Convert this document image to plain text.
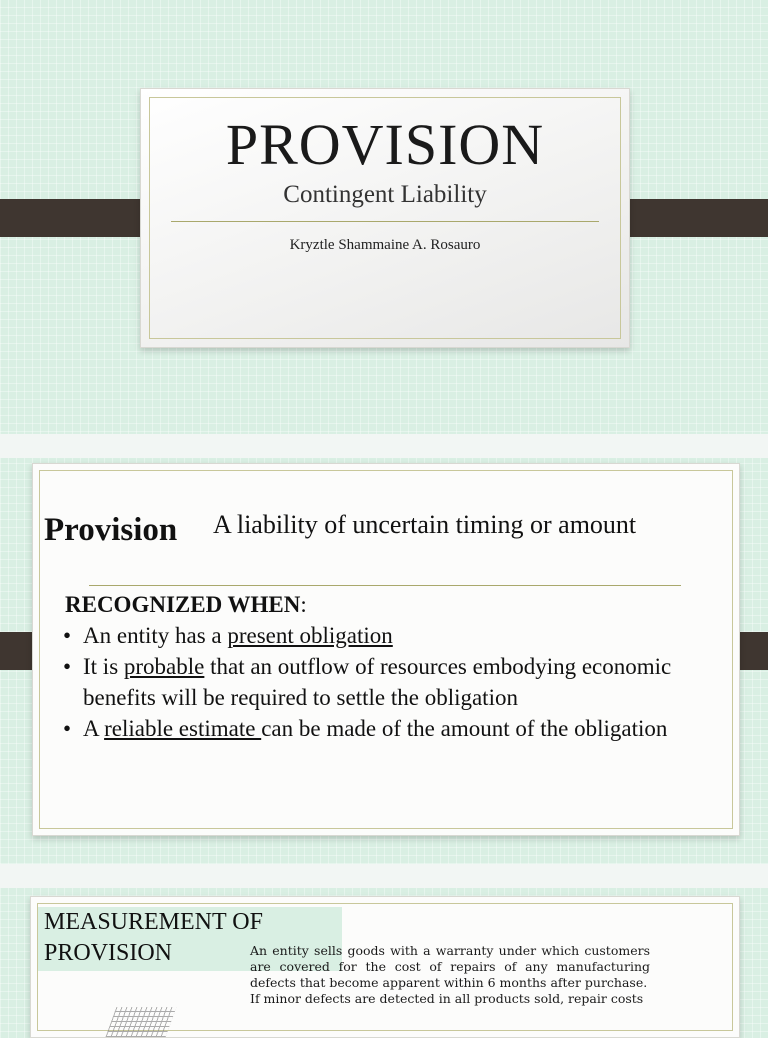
PROVISION
Contingent Liability
Kryztle Shammaine A. Rosauro
Provision A liability of uncertain timing or amount
RECOGNIZED WHEN:
• An entity has a present obligation
• It is probable that an outflow of resources embodying economic
benefits will be required to settle the obligation
• A reliable estimate can be made of the amount of the obligation
MEASUREMENT OF
PROVISION	An entity sells goods with a warranty under which customers are covered for the cost of repairs of any manufacturing defects that become apparent within 6 months after purchase.
If minor defects are detected in all products sold, repair costs
